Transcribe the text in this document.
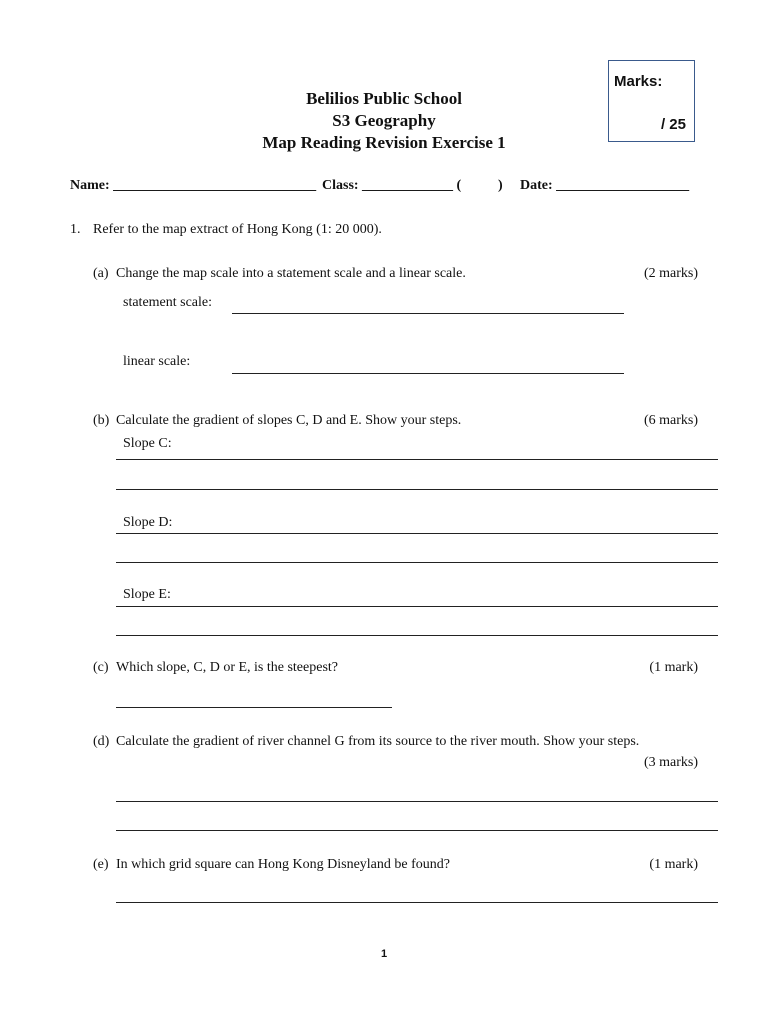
Marks:
/ 25
Belilios Public School
S3 Geography
Map Reading Revision Exercise 1
Name: _____________________________ Class: _____________ (	) Date: ___________________
1. Refer to the map extract of Hong Kong (1: 20 000).
(a) Change the map scale into a statement scale and a linear scale.	(2 marks)
statement scale:
linear scale:
(b) Calculate the gradient of slopes C, D and E. Show your steps.	(6 marks)
Slope C:
Slope D:
Slope E:
(c) Which slope, C, D or E, is the steepest?	(1 mark)
(d) Calculate the gradient of river channel G from its source to the river mouth. Show your steps.
(3 marks)
(e) In which grid square can Hong Kong Disneyland be found?	(1 mark)
1
